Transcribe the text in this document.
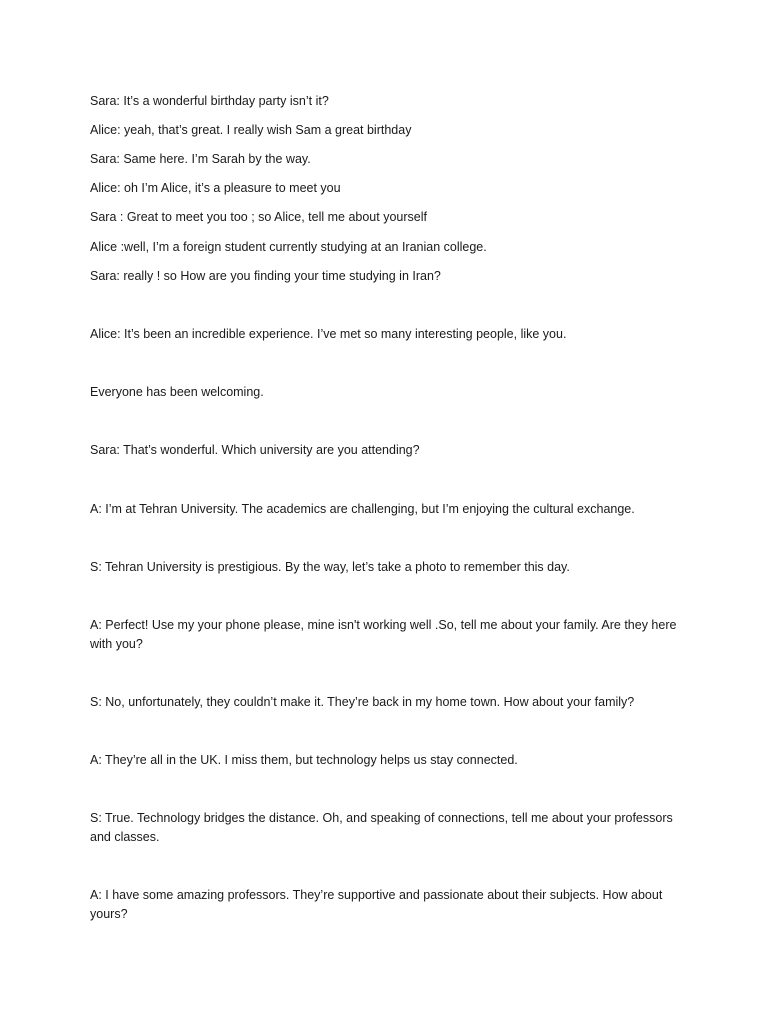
Sara: It’s a wonderful birthday party isn’t it?

Alice: yeah, that’s great. I really wish Sam a great birthday

Sara: Same here. I’m Sarah by the way.

Alice: oh I’m Alice, it’s a pleasure to meet you

Sara : Great to meet you too ; so Alice, tell me about yourself

Alice :well, I’m a foreign student currently studying at an Iranian college.

Sara: really ! so How are you finding your time studying in Iran?

Alice: It’s been an incredible experience. I’ve met so many interesting people, like you.

Everyone has been welcoming.

Sara: That’s wonderful. Which university are you attending?

A: I’m at Tehran University. The academics are challenging, but I’m enjoying the cultural exchange.

S: Tehran University is prestigious. By the way, let’s take a photo to remember this day.

A: Perfect! Use my your phone please, mine isn't working well .So, tell me about your family. Are they here with you?

S: No, unfortunately, they couldn’t make it. They’re back in my home town. How about your family?

A: They’re all in the UK. I miss them, but technology helps us stay connected.

S: True. Technology bridges the distance. Oh, and speaking of connections, tell me about your professors and classes.

A: I have some amazing professors. They’re supportive and passionate about their subjects. How about yours?
